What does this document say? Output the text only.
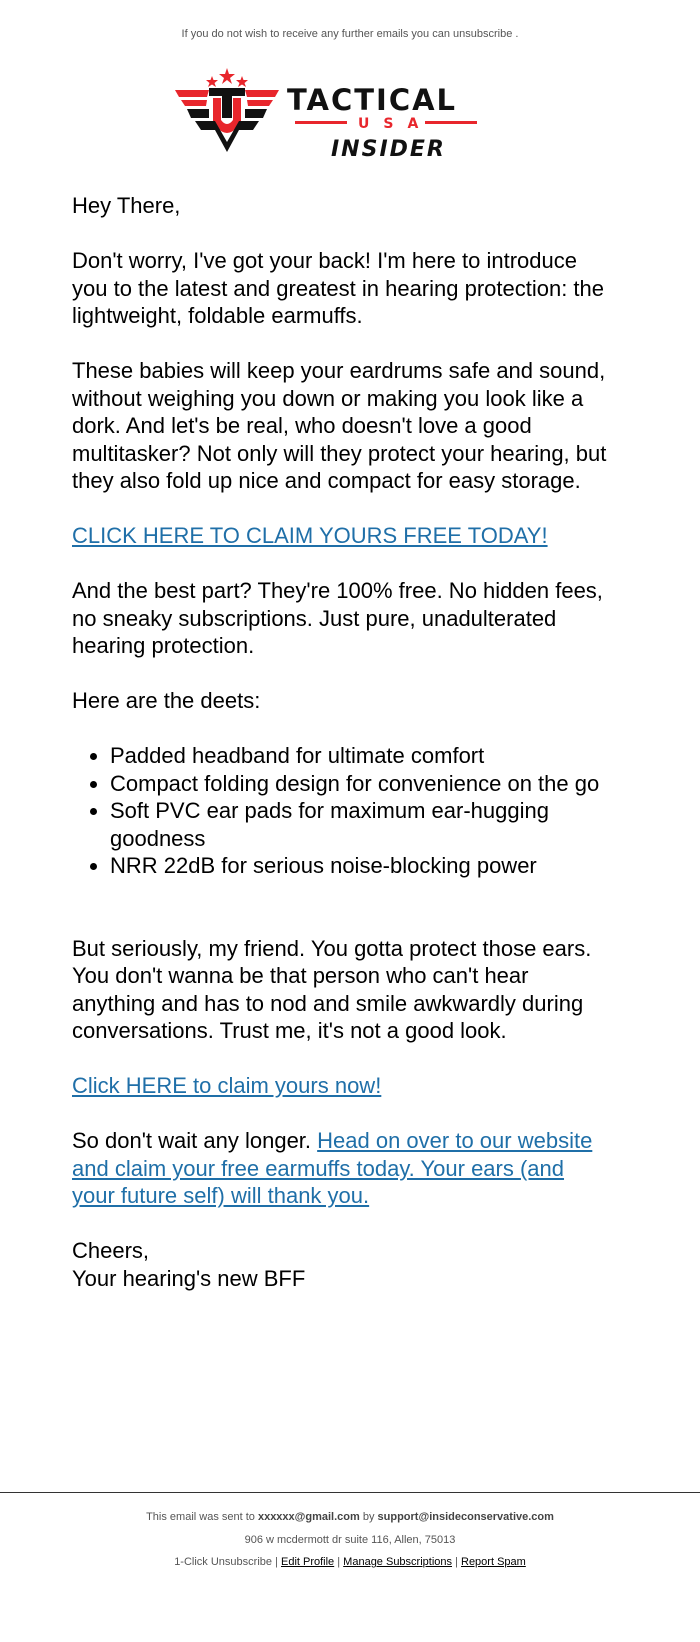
If you do not wish to receive any further emails you can unsubscribe .
TACTICAL
USA
INSIDER

Hey There,

Don't worry, I've got your back! I'm here to introduce you to the latest and greatest in hearing protection: the lightweight, foldable earmuffs.

These babies will keep your eardrums safe and sound, without weighing you down or making you look like a dork. And let's be real, who doesn't love a good multitasker? Not only will they protect your hearing, but they also fold up nice and compact for easy storage.

CLICK HERE TO CLAIM YOURS FREE TODAY!

And the best part? They're 100% free. No hidden fees, no sneaky subscriptions. Just pure, unadulterated hearing protection.

Here are the deets:

• Padded headband for ultimate comfort
• Compact folding design for convenience on the go
• Soft PVC ear pads for maximum ear-hugging goodness
• NRR 22dB for serious noise-blocking power

But seriously, my friend. You gotta protect those ears. You don't wanna be that person who can't hear anything and has to nod and smile awkwardly during conversations. Trust me, it's not a good look.

Click HERE to claim yours now!

So don't wait any longer. Head on over to our website and claim your free earmuffs today. Your ears (and your future self) will thank you.

Cheers,
Your hearing's new BFF
This email was sent to xxxxxx@gmail.com by support@insideconservative.com
906 w mcdermott dr suite 116, Allen, 75013
1-Click Unsubscribe | Edit Profile | Manage Subscriptions | Report Spam
